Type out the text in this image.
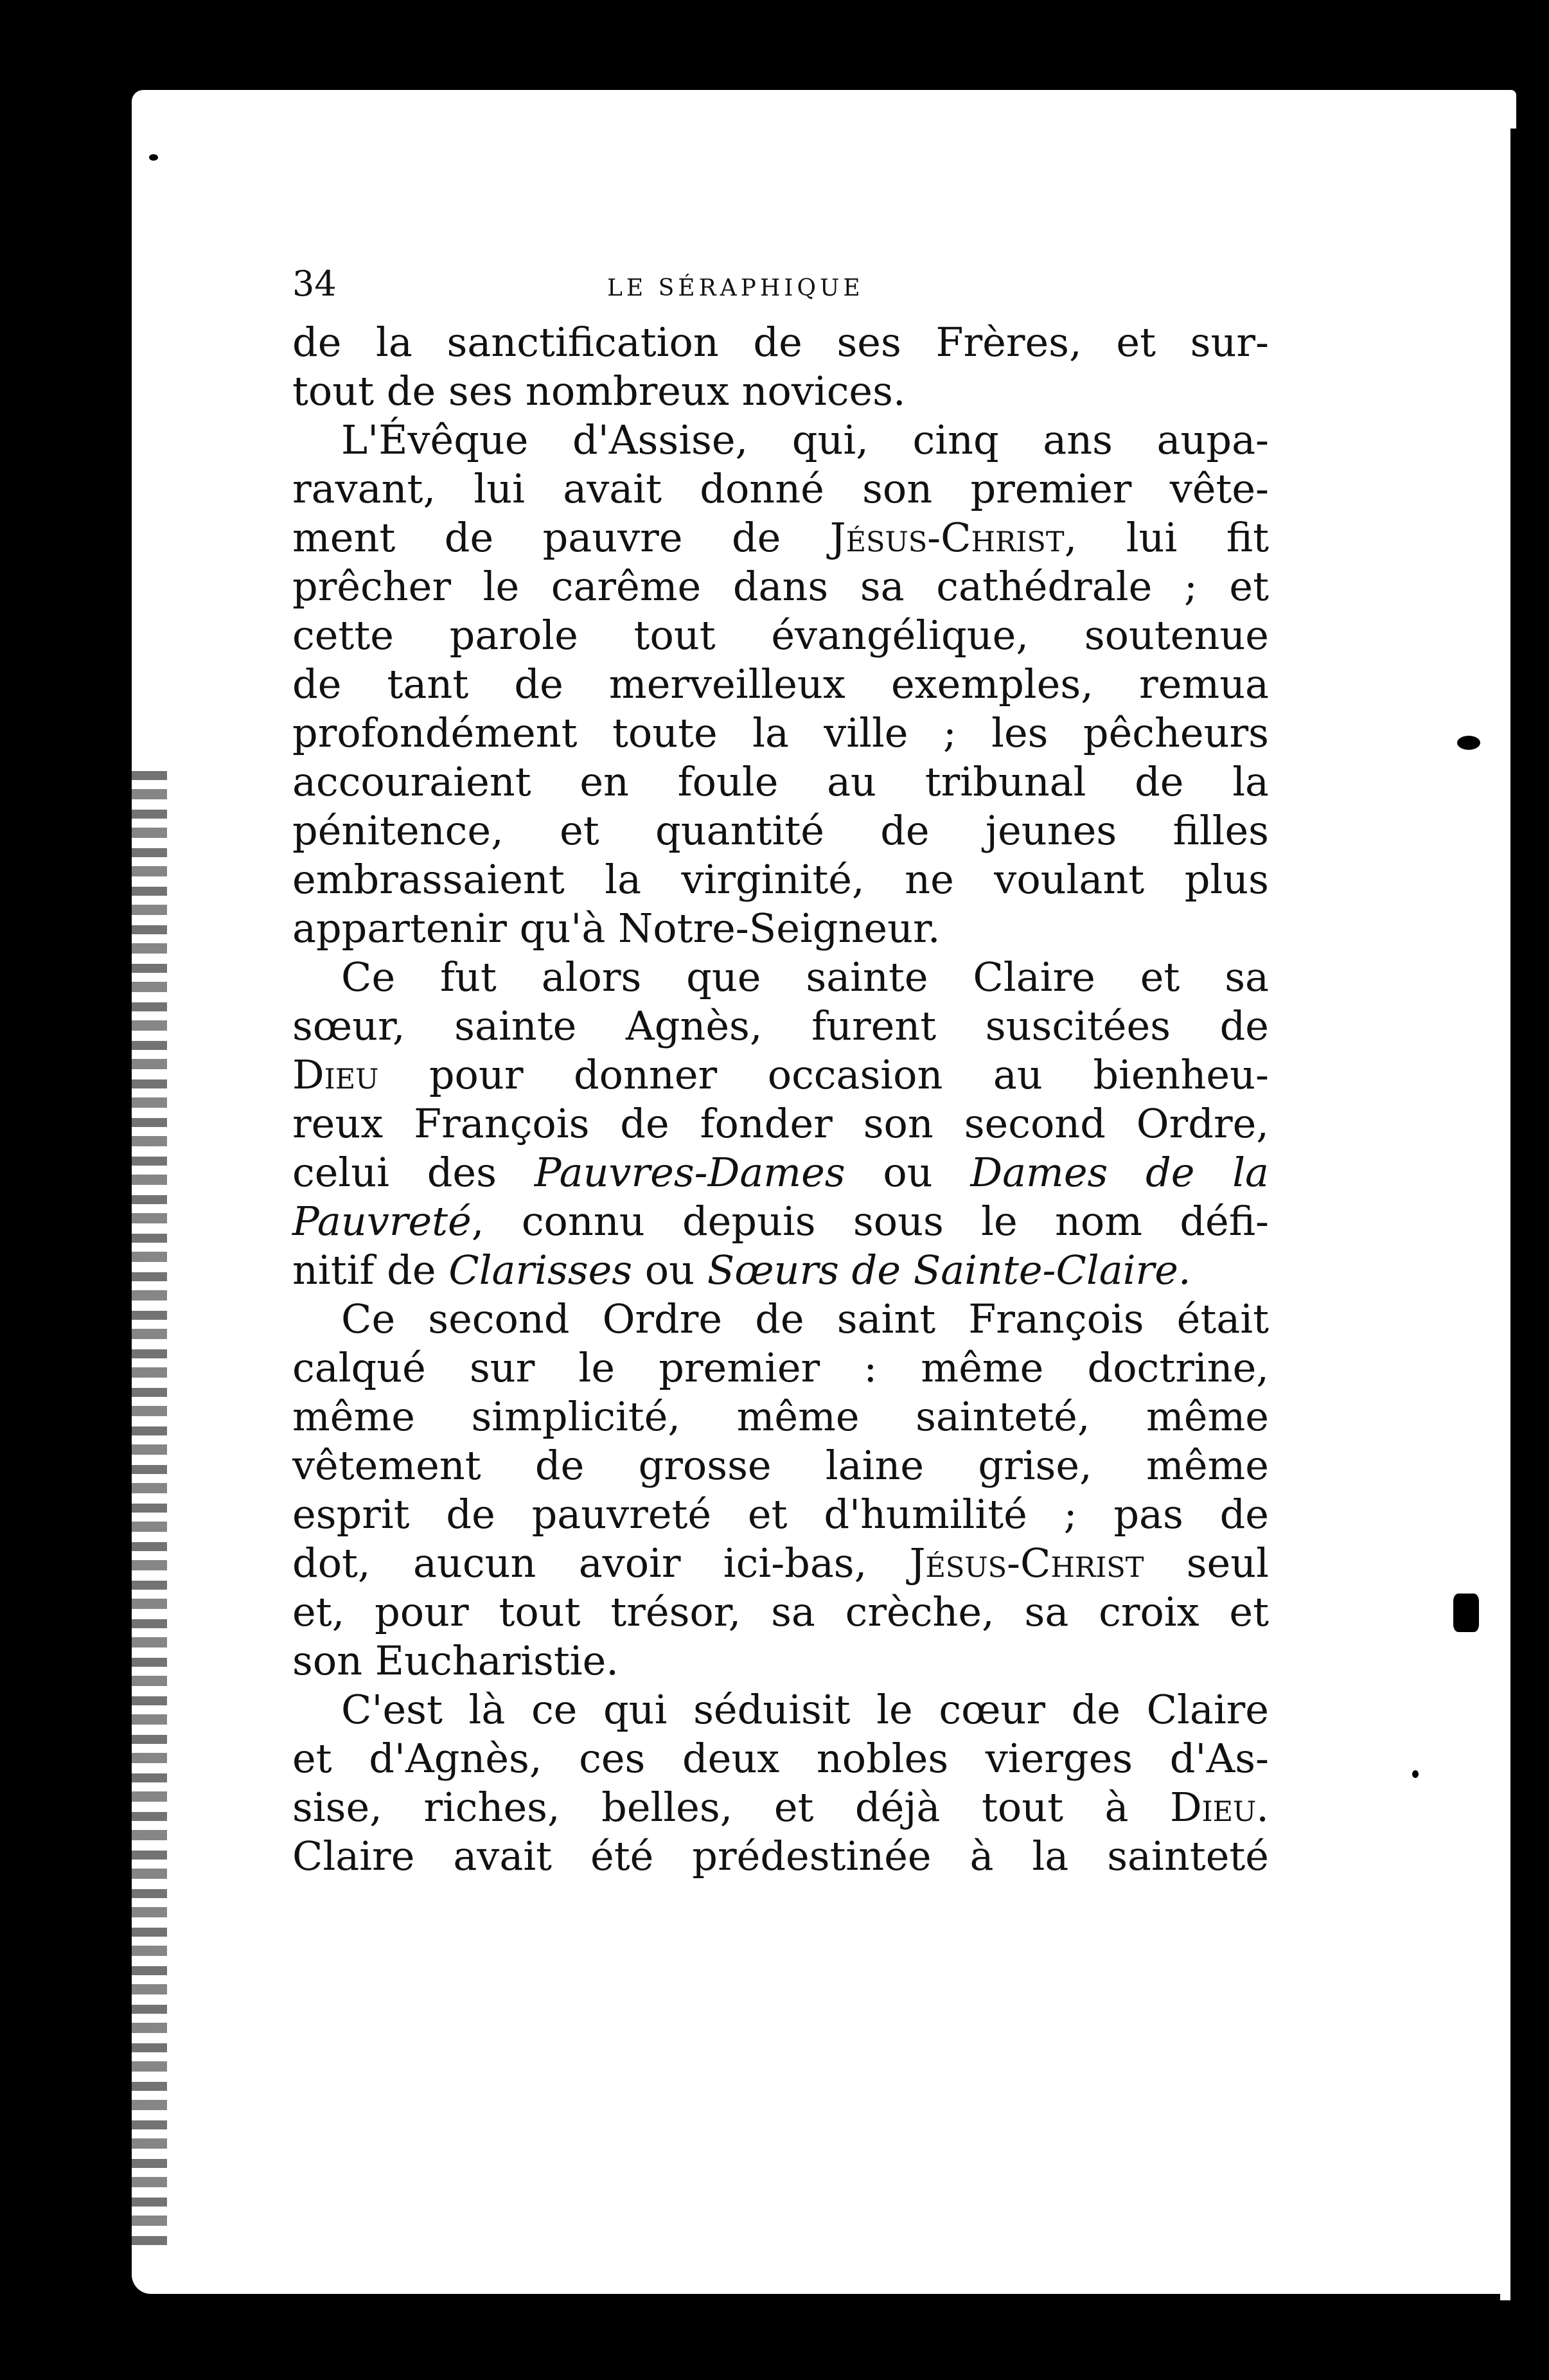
34	LE SÉRAPHIQUE
de la sanctification de ses Frères, et sur-
tout de ses nombreux novices.
L'Évêque d'Assise, qui, cinq ans aupa-
ravant, lui avait donné son premier vête-
ment de pauvre de Jésus-Christ, lui fit
prêcher le carême dans sa cathédrale ; et
cette parole tout évangélique, soutenue
de tant de merveilleux exemples, remua
profondément toute la ville ; les pêcheurs
accouraient en foule au tribunal de la
pénitence, et quantité de jeunes filles
embrassaient la virginité, ne voulant plus
appartenir qu'à Notre-Seigneur.
Ce fut alors que sainte Claire et sa
sœur, sainte Agnès, furent suscitées de
Dieu pour donner occasion au bienheu-
reux François de fonder son second Ordre,
celui des Pauvres-Dames ou Dames de la
Pauvreté, connu depuis sous le nom défi-
nitif de Clarisses ou Sœurs de Sainte-Claire.
Ce second Ordre de saint François était
calqué sur le premier : même doctrine,
même simplicité, même sainteté, même
vêtement de grosse laine grise, même
esprit de pauvreté et d'humilité ; pas de
dot, aucun avoir ici-bas, Jésus-Christ seul
et, pour tout trésor, sa crèche, sa croix et
son Eucharistie.
C'est là ce qui séduisit le cœur de Claire
et d'Agnès, ces deux nobles vierges d'As-
sise, riches, belles, et déjà tout à Dieu.
Claire avait été prédestinée à la sainteté
